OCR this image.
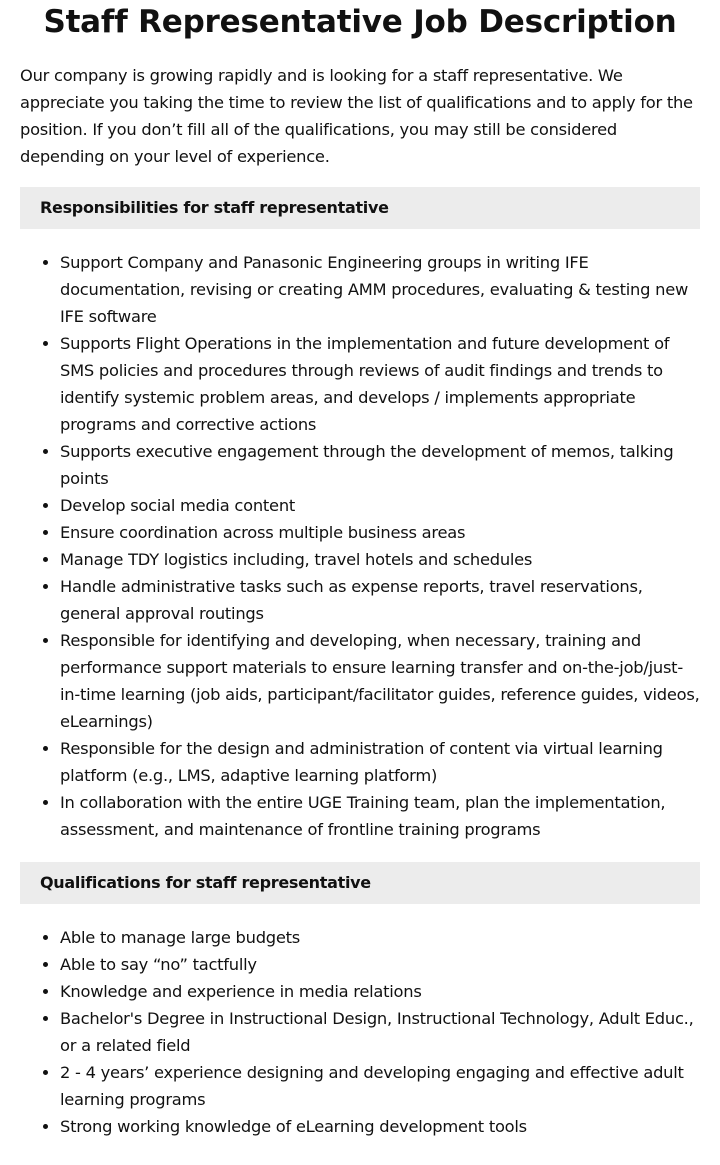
Staff Representative Job Description

Our company is growing rapidly and is looking for a staff representative. We appreciate you taking the time to review the list of qualifications and to apply for the position. If you don’t fill all of the qualifications, you may still be considered depending on your level of experience.

Responsibilities for staff representative
• Support Company and Panasonic Engineering groups in writing IFE documentation, revising or creating AMM procedures, evaluating & testing new IFE software
• Supports Flight Operations in the implementation and future development of SMS policies and procedures through reviews of audit findings and trends to identify systemic problem areas, and develops / implements appropriate programs and corrective actions
• Supports executive engagement through the development of memos, talking points
• Develop social media content
• Ensure coordination across multiple business areas
• Manage TDY logistics including, travel hotels and schedules
• Handle administrative tasks such as expense reports, travel reservations, general approval routings
• Responsible for identifying and developing, when necessary, training and performance support materials to ensure learning transfer and on-the-job/just-in-time learning (job aids, participant/facilitator guides, reference guides, videos, eLearnings)
• Responsible for the design and administration of content via virtual learning platform (e.g., LMS, adaptive learning platform)
• In collaboration with the entire UGE Training team, plan the implementation, assessment, and maintenance of frontline training programs
Qualifications for staff representative
• Able to manage large budgets
• Able to say “no” tactfully
• Knowledge and experience in media relations
• Bachelor's Degree in Instructional Design, Instructional Technology, Adult Educ., or a related field
• 2 - 4 years’ experience designing and developing engaging and effective adult learning programs
• Strong working knowledge of eLearning development tools
